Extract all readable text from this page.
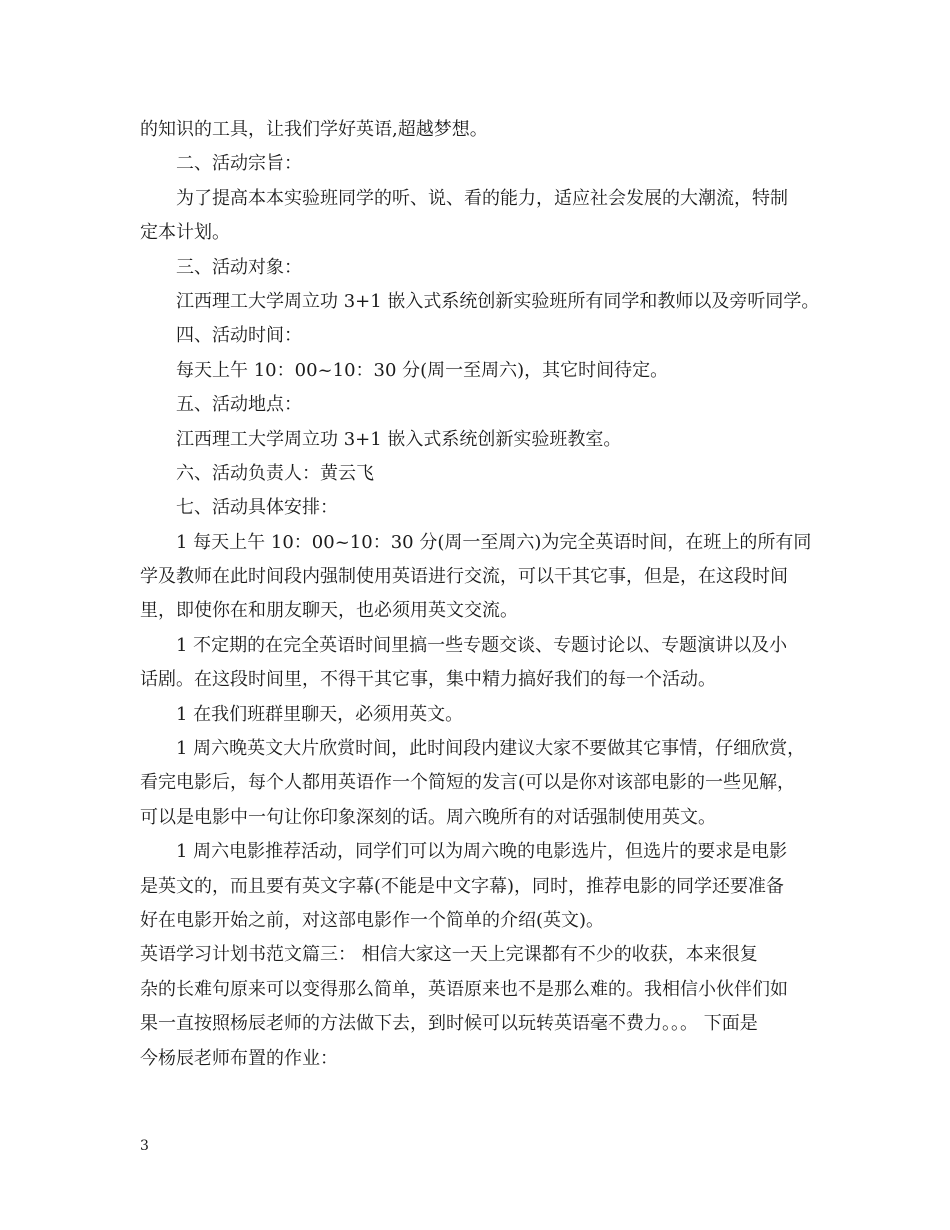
的知识的工具，让我们学好英语,超越梦想。
二、活动宗旨：
为了提高本本实验班同学的听、说、看的能力，适应社会发展的大潮流，特制
定本计划。
三、活动对象：
江西理工大学周立功 3+1 嵌入式系统创新实验班所有同学和教师以及旁听同学。
四、活动时间：
每天上午 10：00~10：30 分(周一至周六)，其它时间待定。
五、活动地点：
江西理工大学周立功 3+1 嵌入式系统创新实验班教室。
六、活动负责人：黄云飞
七、活动具体安排：
1 每天上午 10：00~10：30 分(周一至周六)为完全英语时间，在班上的所有同
学及教师在此时间段内强制使用英语进行交流，可以干其它事，但是，在这段时间
里，即使你在和朋友聊天，也必须用英文交流。
1 不定期的在完全英语时间里搞一些专题交谈、专题讨论以、专题演讲以及小
话剧。在这段时间里，不得干其它事，集中精力搞好我们的每一个活动。
1 在我们班群里聊天，必须用英文。
1 周六晚英文大片欣赏时间，此时间段内建议大家不要做其它事情，仔细欣赏，
看完电影后，每个人都用英语作一个简短的发言(可以是你对该部电影的一些见解，
可以是电影中一句让你印象深刻的话。周六晚所有的对话强制使用英文。
1 周六电影推荐活动，同学们可以为周六晚的电影选片，但选片的要求是电影
是英文的，而且要有英文字幕(不能是中文字幕)，同时，推荐电影的同学还要准备
好在电影开始之前，对这部电影作一个简单的介绍(英文)。
英语学习计划书范文篇三： 相信大家这一天上完课都有不少的收获，本来很复
杂的长难句原来可以变得那么简单，英语原来也不是那么难的。我相信小伙伴们如
果一直按照杨辰老师的方法做下去，到时候可以玩转英语毫不费力。。。 下面是
今杨辰老师布置的作业：
3
